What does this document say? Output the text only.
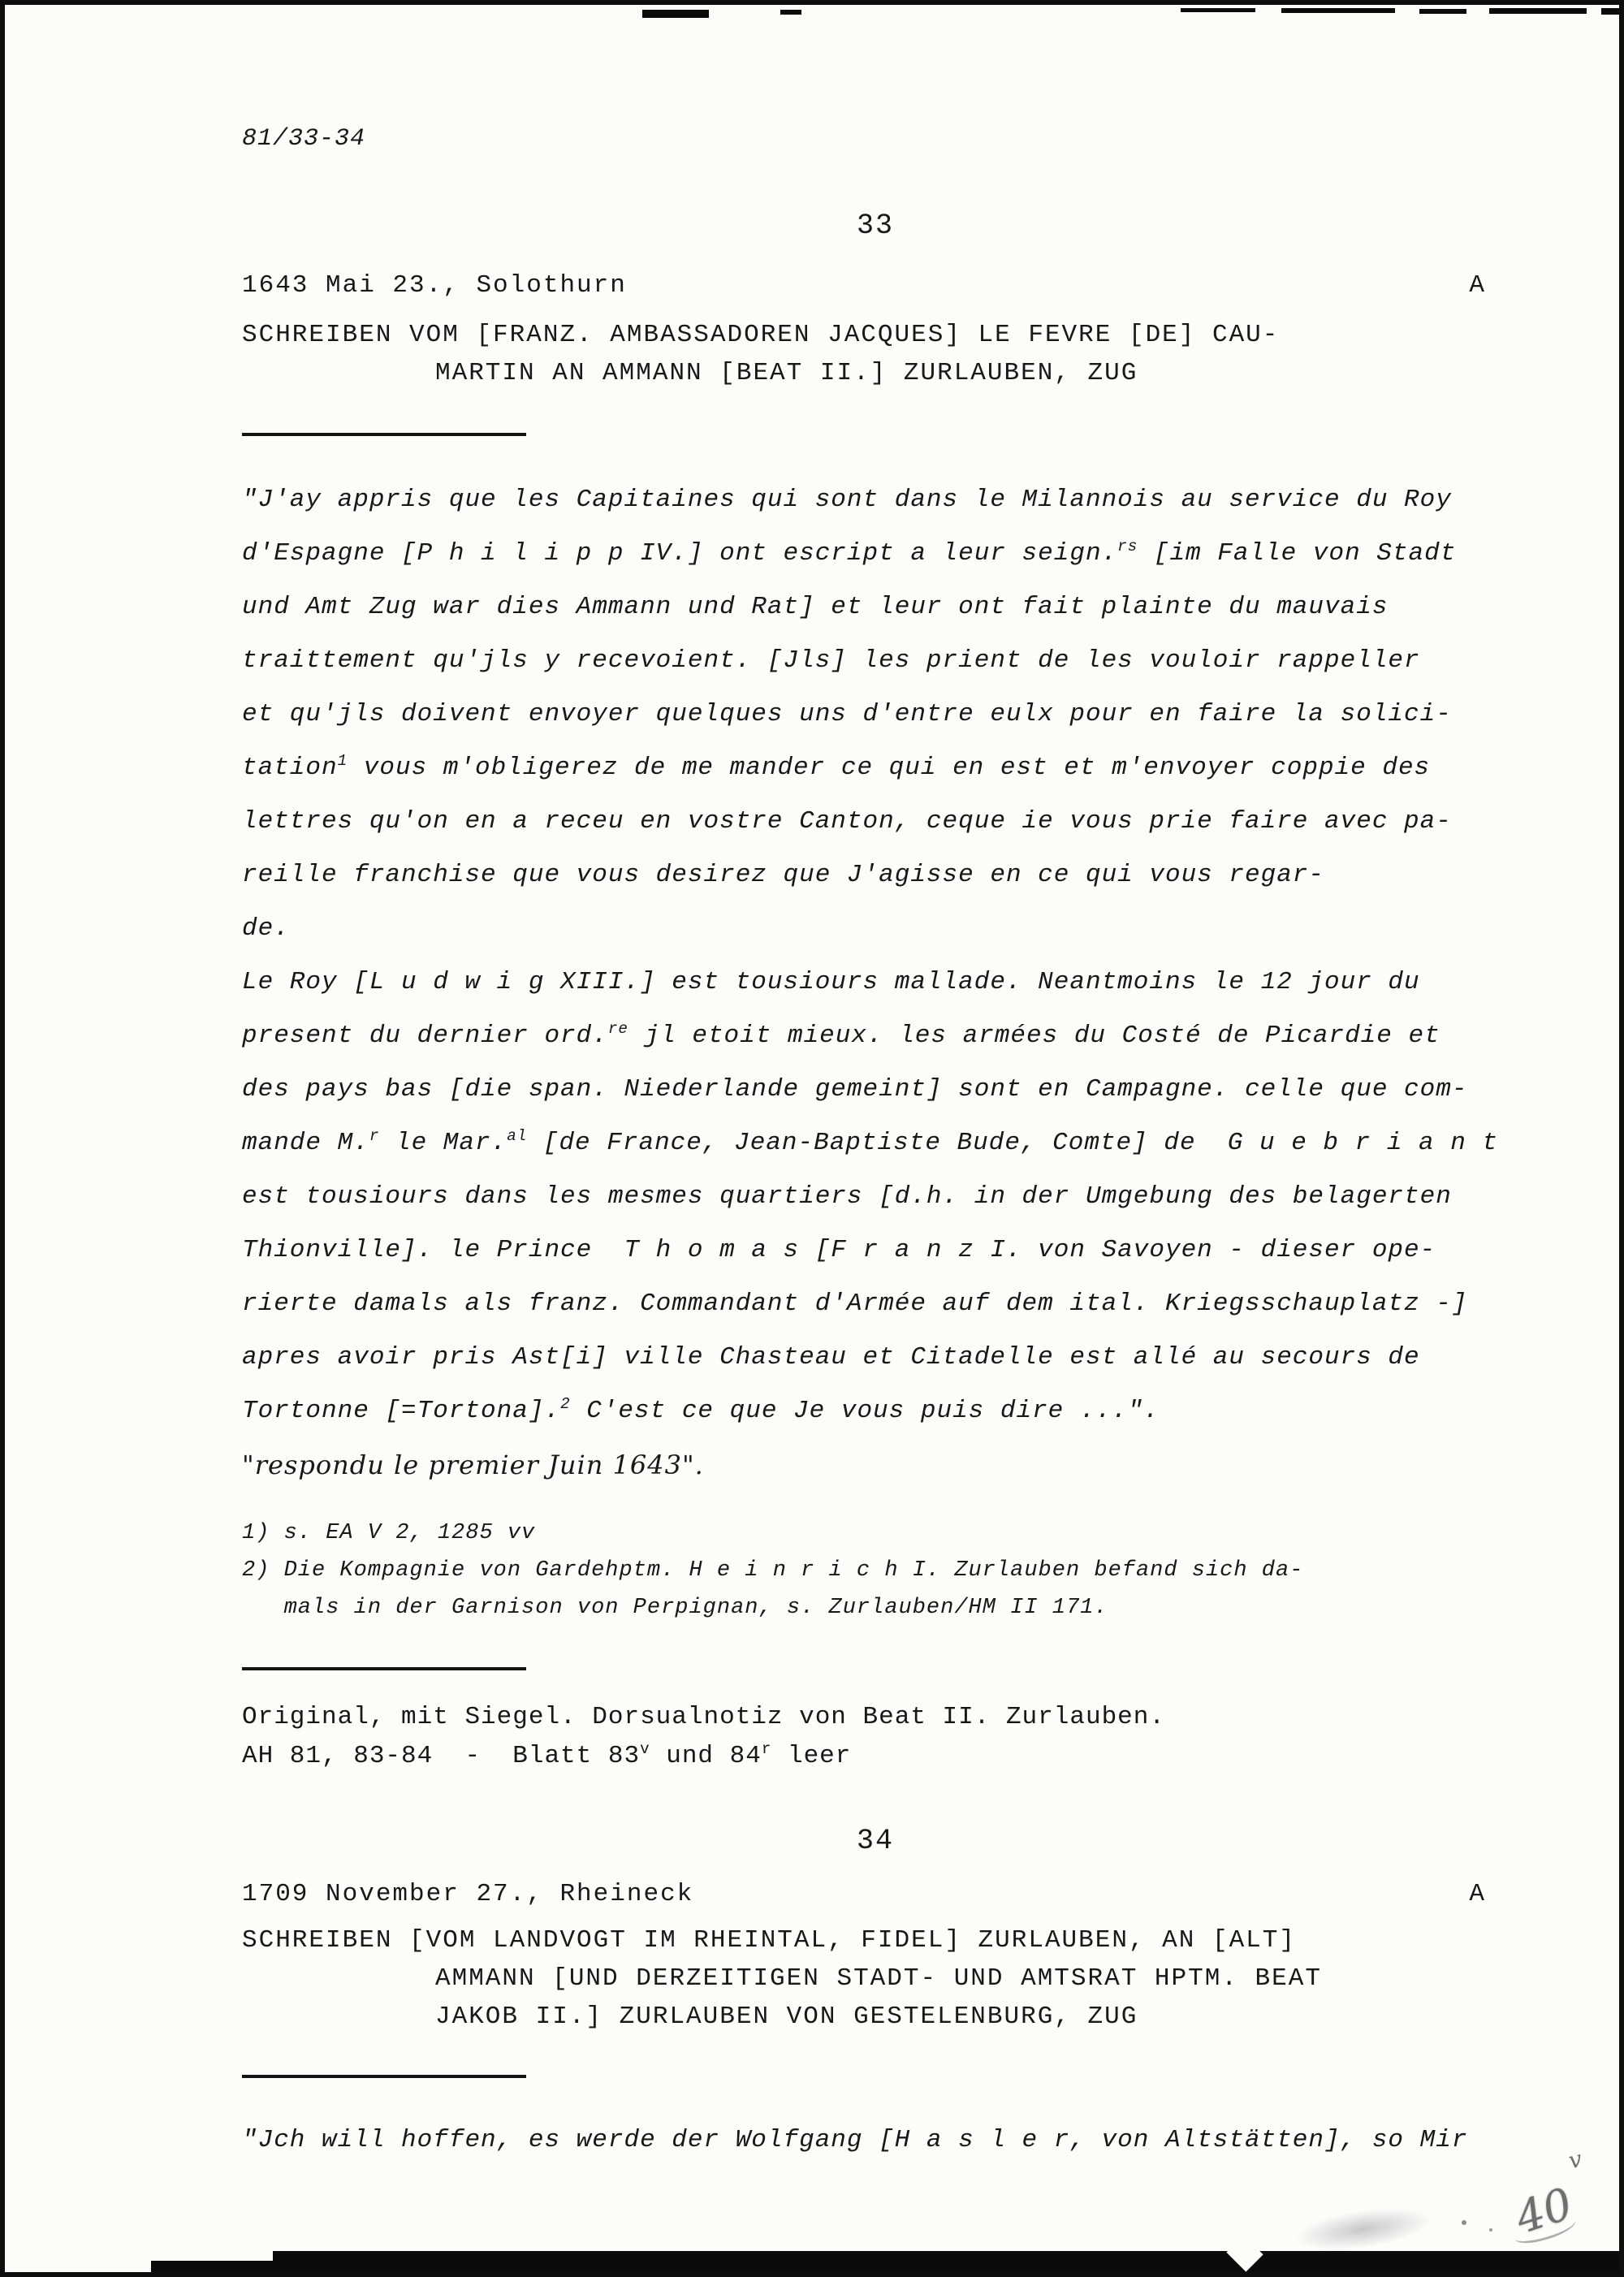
81/33-34
33
1643 Mai 23., Solothurn	A
SCHREIBEN VOM [FRANZ. AMBASSADOREN JACQUES] LE FEVRE [DE] CAU-
MARTIN AN AMMANN [BEAT II.] ZURLAUBEN, ZUG
"J'ay appris que les Capitaines qui sont dans le Milannois au service du Roy
d'Espagne [P h i l i p p IV.] ont escript a leur seign.$^{rs}$ [im Falle von Stadt
und Amt Zug war dies Ammann und Rat] et leur ont fait plainte du mauvais
traittement qu'jls y recevoient. [Jls] les prient de les vouloir rappeller
et qu'jls doivent envoyer quelques uns d'entre eulx pour en faire la solici-
tation$^1$ vous m'obligerez de me mander ce qui en est et m'envoyer coppie des
lettres qu'on en a receu en vostre Canton, ceque ie vous prie faire avec pa-
reille franchise que vous desirez que J'agisse en ce qui vous regar-
de.
Le Roy [L u d w i g XIII.] est tousiours mallade. Neantmoins le 12 jour du
present du dernier ord.$^{re}$ jl etoit mieux. les armées du Costé de Picardie et
des pays bas [die span. Niederlande gemeint] sont en Campagne. celle que com-
mande M.$^r$ le Mar.$^{al}$ [de France, Jean-Baptiste Bude, Comte] de  G u e b r i a n t
est tousiours dans les mesmes quartiers [d.h. in der Umgebung des belagerten
Thionville]. le Prince  T h o m a s [F r a n z I. von Savoyen - dieser ope-
rierte damals als franz. Commandant d'Armée auf dem ital. Kriegsschauplatz -]
apres avoir pris Ast[i] ville Chasteau et Citadelle est allé au secours de
Tortonne [=Tortona].$^2$ C'est ce que Je vous puis dire ...".
"respondu le premier Juin 1643".
1) s. EA V 2, 1285 vv
2) Die Kompagnie von Gardehptm. H e i n r i c h I. Zurlauben befand sich da-
mals in der Garnison von Perpignan, s. Zurlauben/HM II 171.
Original, mit Siegel. Dorsualnotiz von Beat II. Zurlauben.
AH 81, 83-84  -  Blatt 83$^v$ und 84$^r$ leer
34
1709 November 27., Rheineck	A
SCHREIBEN [VOM LANDVOGT IM RHEINTAL, FIDEL] ZURLAUBEN, AN [ALT]
AMMANN [UND DERZEITIGEN STADT- UND AMTSRAT HPTM. BEAT
JAKOB II.] ZURLAUBEN VON GESTELENBURG, ZUG
"Jch will hoffen, es werde der Wolfgang [H a s l e r, von Altstätten], so Mir
v
40
